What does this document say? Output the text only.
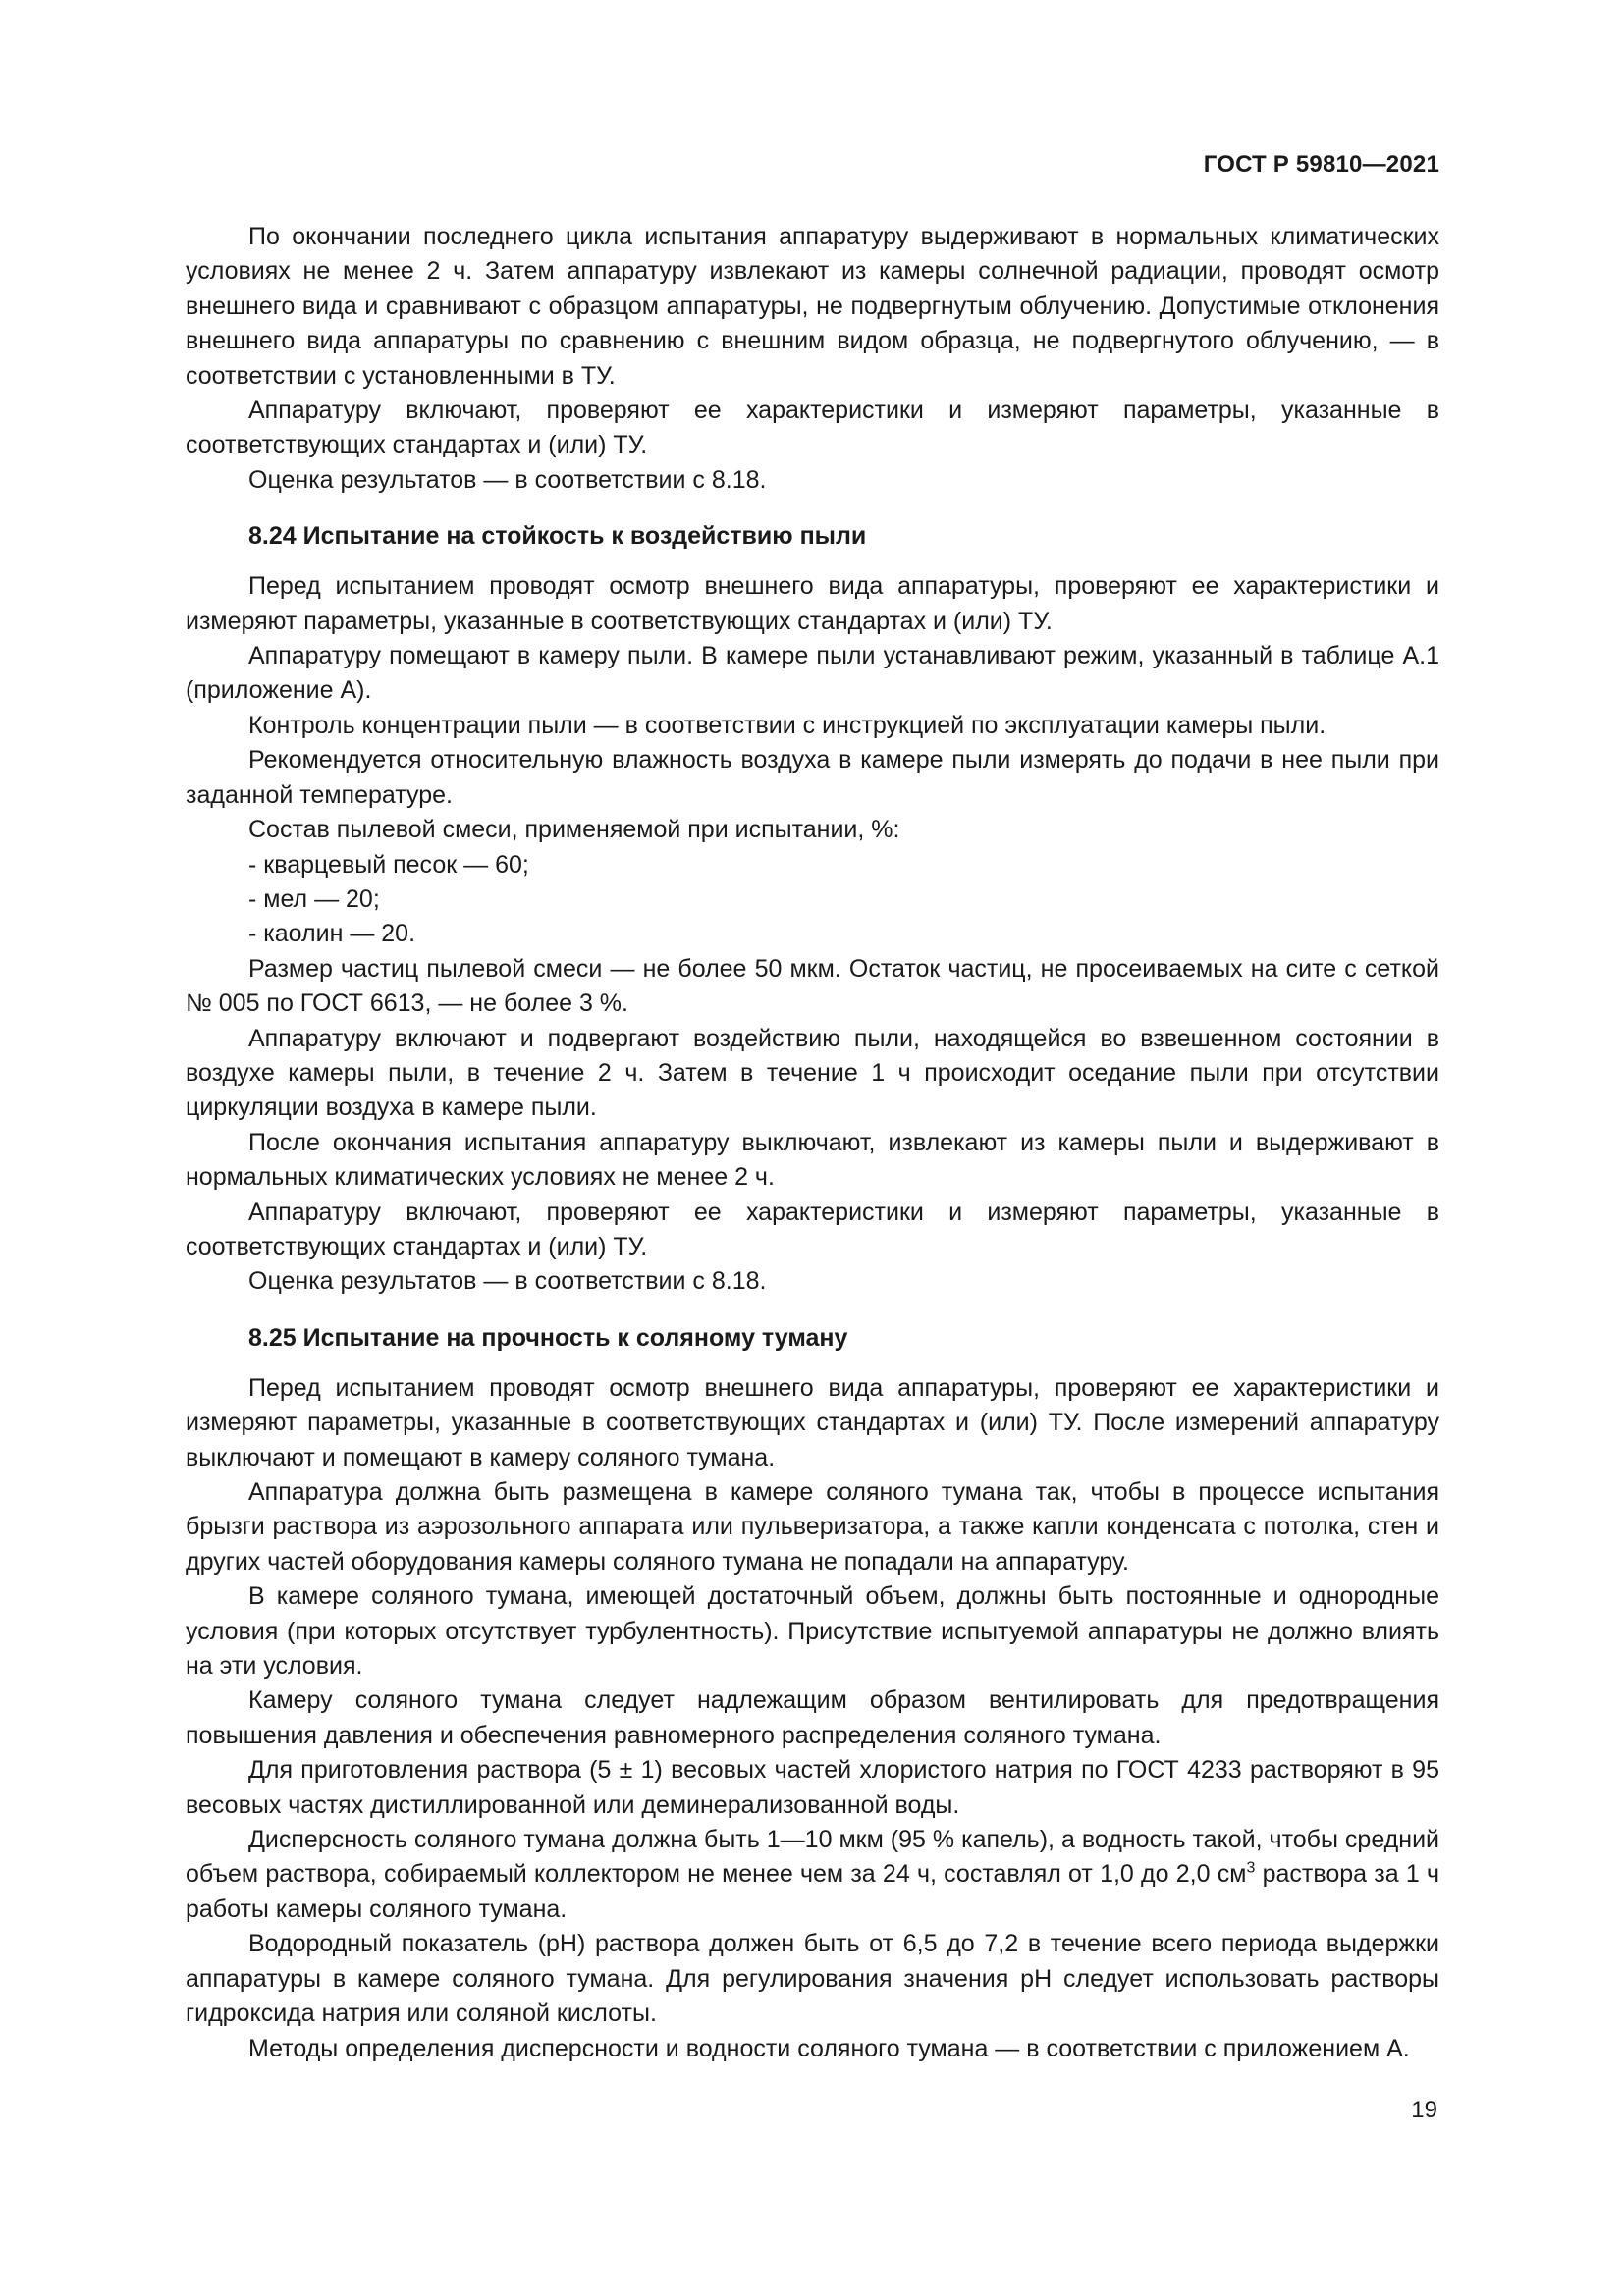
ГОСТ Р 59810—2021

По окончании последнего цикла испытания аппаратуру выдерживают в нормальных климатических условиях не менее 2 ч. Затем аппаратуру извлекают из камеры солнечной радиации, проводят осмотр внешнего вида и сравнивают с образцом аппаратуры, не подвергнутым облучению. Допустимые отклонения внешнего вида аппаратуры по сравнению с внешним видом образца, не подвергнутого облучению, — в соответствии с установленными в ТУ.

Аппаратуру включают, проверяют ее характеристики и измеряют параметры, указанные в соответствующих стандартах и (или) ТУ.

Оценка результатов — в соответствии с 8.18.

8.24 Испытание на стойкость к воздействию пыли

Перед испытанием проводят осмотр внешнего вида аппаратуры, проверяют ее характеристики и измеряют параметры, указанные в соответствующих стандартах и (или) ТУ.

Аппаратуру помещают в камеру пыли. В камере пыли устанавливают режим, указанный в таблице А.1 (приложение А).

Контроль концентрации пыли — в соответствии с инструкцией по эксплуатации камеры пыли.

Рекомендуется относительную влажность воздуха в камере пыли измерять до подачи в нее пыли при заданной температуре.

Состав пылевой смеси, применяемой при испытании, %:

- кварцевый песок — 60;

- мел — 20;

- каолин — 20.

Размер частиц пылевой смеси — не более 50 мкм. Остаток частиц, не просеиваемых на сите с сеткой № 005 по ГОСТ 6613, — не более 3 %.

Аппаратуру включают и подвергают воздействию пыли, находящейся во взвешенном состоянии в воздухе камеры пыли, в течение 2 ч. Затем в течение 1 ч происходит оседание пыли при отсутствии циркуляции воздуха в камере пыли.

После окончания испытания аппаратуру выключают, извлекают из камеры пыли и выдерживают в нормальных климатических условиях не менее 2 ч.

Аппаратуру включают, проверяют ее характеристики и измеряют параметры, указанные в соответствующих стандартах и (или) ТУ.

Оценка результатов — в соответствии с 8.18.

8.25 Испытание на прочность к соляному туману

Перед испытанием проводят осмотр внешнего вида аппаратуры, проверяют ее характеристики и измеряют параметры, указанные в соответствующих стандартах и (или) ТУ. После измерений аппаратуру выключают и помещают в камеру соляного тумана.

Аппаратура должна быть размещена в камере соляного тумана так, чтобы в процессе испытания брызги раствора из аэрозольного аппарата или пульверизатора, а также капли конденсата с потолка, стен и других частей оборудования камеры соляного тумана не попадали на аппаратуру.

В камере соляного тумана, имеющей достаточный объем, должны быть постоянные и однородные условия (при которых отсутствует турбулентность). Присутствие испытуемой аппаратуры не должно влиять на эти условия.

Камеру соляного тумана следует надлежащим образом вентилировать для предотвращения повышения давления и обеспечения равномерного распределения соляного тумана.

Для приготовления раствора (5 ± 1) весовых частей хлористого натрия по ГОСТ 4233 растворяют в 95 весовых частях дистиллированной или деминерализованной воды.

Дисперсность соляного тумана должна быть 1—10 мкм (95 % капель), а водность такой, чтобы средний объем раствора, собираемый коллектором не менее чем за 24 ч, составлял от 1,0 до 2,0 $см^3$ раствора за 1 ч работы камеры соляного тумана.

Водородный показатель (рН) раствора должен быть от 6,5 до 7,2 в течение всего периода выдержки аппаратуры в камере соляного тумана. Для регулирования значения рН следует использовать растворы гидроксида натрия или соляной кислоты.

Методы определения дисперсности и водности соляного тумана — в соответствии с приложением А.

19
